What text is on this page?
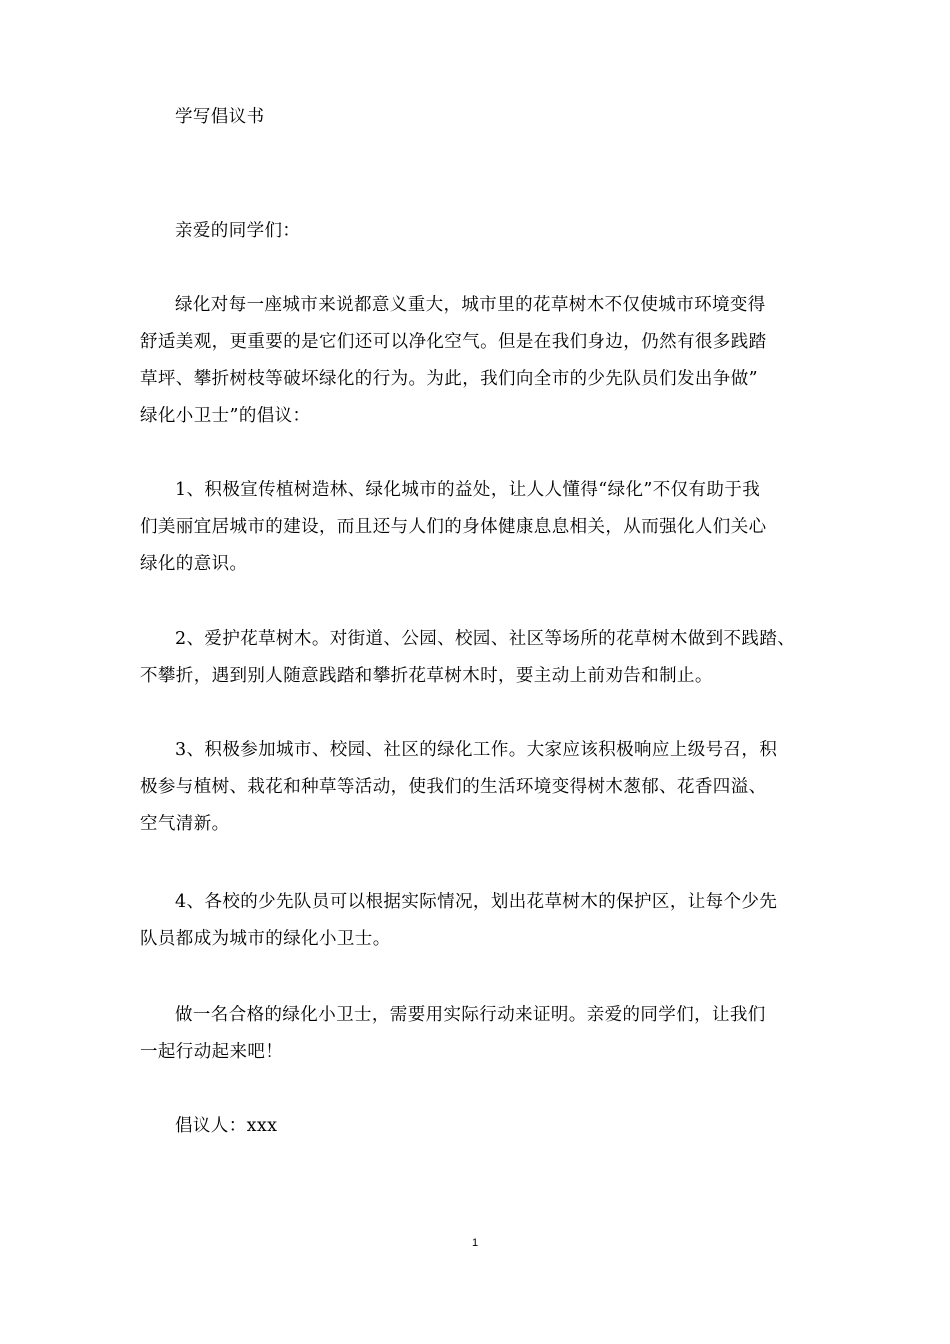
学写倡议书

亲爱的同学们：

绿化对每一座城市来说都意义重大，城市里的花草树木不仅使城市环境变得
舒适美观，更重要的是它们还可以净化空气。但是在我们身边，仍然有很多践踏
草坪、攀折树枝等破坏绿化的行为。为此，我们向全市的少先队员们发出争做”
绿化小卫士”的倡议：

1、积极宣传植树造林、绿化城市的益处，让人人懂得“绿化”不仅有助于我
们美丽宜居城市的建设，而且还与人们的身体健康息息相关，从而强化人们关心
绿化的意识。

2、爱护花草树木。对街道、公园、校园、社区等场所的花草树木做到不践踏、
不攀折，遇到别人随意践踏和攀折花草树木时，要主动上前劝告和制止。

3、积极参加城市、校园、社区的绿化工作。大家应该积极响应上级号召，积
极参与植树、栽花和种草等活动，使我们的生活环境变得树木葱郁、花香四溢、
空气清新。

4、各校的少先队员可以根据实际情况，划出花草树木的保护区，让每个少先
队员都成为城市的绿化小卫士。

做一名合格的绿化小卫士，需要用实际行动来证明。亲爱的同学们，让我们
一起行动起来吧！

倡议人：xxx

1
